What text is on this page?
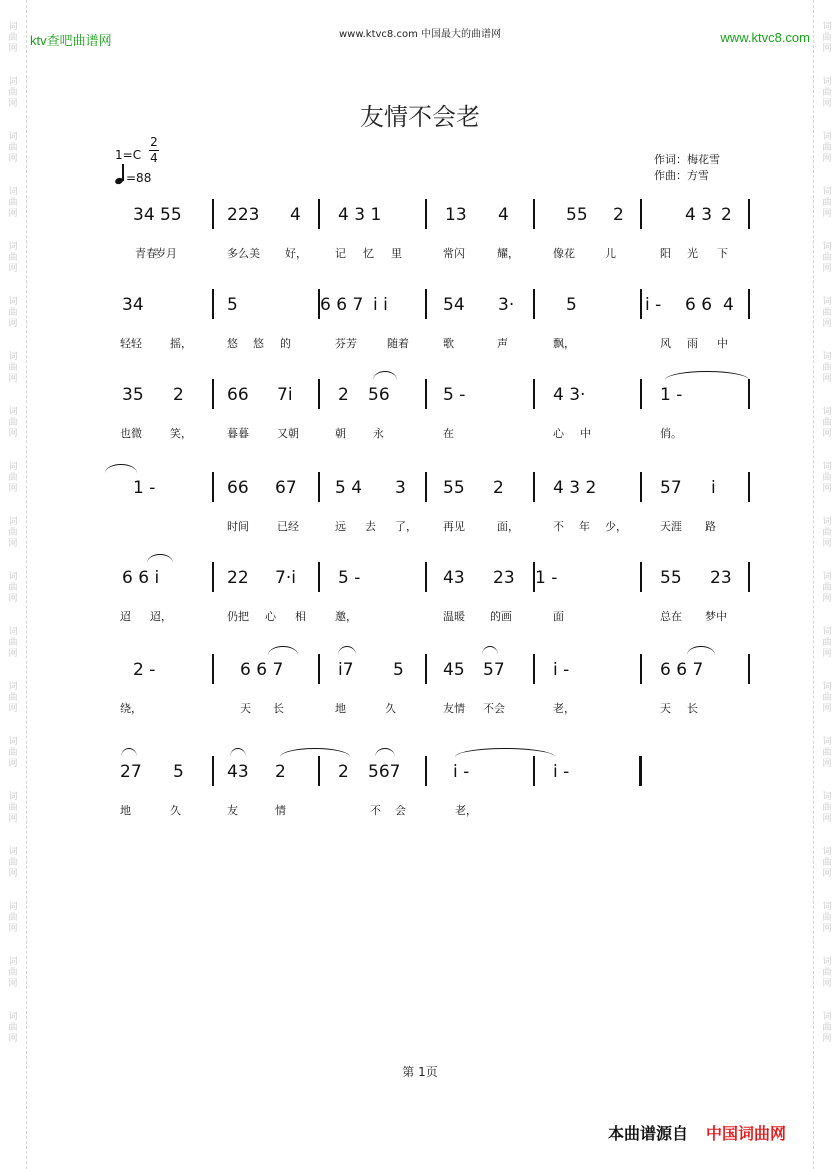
词
曲
网
词
曲
网
词
曲
网
词
曲
网
词
曲
网
词
曲
网
词
曲
网
词
曲
网
词
曲
网
词
曲
网
词
曲
网
词
曲
网
词
曲
网
词
曲
网
词
曲
网
词
曲
网
词
曲
网
词
曲
网
词
曲
网
词
曲
网
词
曲
网
词
曲
网
词
曲
网
词
曲
网
词
曲
网
词
曲
网
词
曲
网
词
曲
网
词
曲
网
词
曲
网
词
曲
网
词
曲
网
词
曲
网
词
曲
网
词
曲
网
词
曲
网
词
曲
网
词
曲
网
ktv查吧曲谱网	www.ktvc8.com 中国最大的曲谱网	www.ktvc8.com
友情不会老
1=C
2
4
=88
作词：梅花雪
作曲：方雪
34 55	223 4 4 3 1	13 4	55 2	4 3 2
青春
岁月	多么美 好，	记 忆 里	常闪	耀，	像花	儿	阳 光 下
34	5	6 6 7 i i	54 3·	5	i - 6 6 4
轻轻	摇，	悠 悠 的	芬芳	随着	歌	声	飘，	风 雨 中
35 2	66 7i	2 56	5 -	4 3·	1 -
也微	笑，	暮暮	又朝	朝 永	在	心 中	俏。
1 -	66 67 5 4 3 55 2	4 3 2	57 i
时间	已经	远 去 了， 再见	面，	不 年 少，	天涯 路
6 6 i	22 7·i 5 -	43 23 1 -	55 23
迢 迢，	仍把 心 相	邀，	温暖 的画	面	总在 梦中
2 -	6 6 7	i7 5 45 57	i -	6 6 7
绕，	天 长	地	久	友情 不会	老，	天 长
27 5	43 2	2 567	i -	i -
地	久	友	情	不 会	老，
第 1页
本曲谱源自 中国词曲网
